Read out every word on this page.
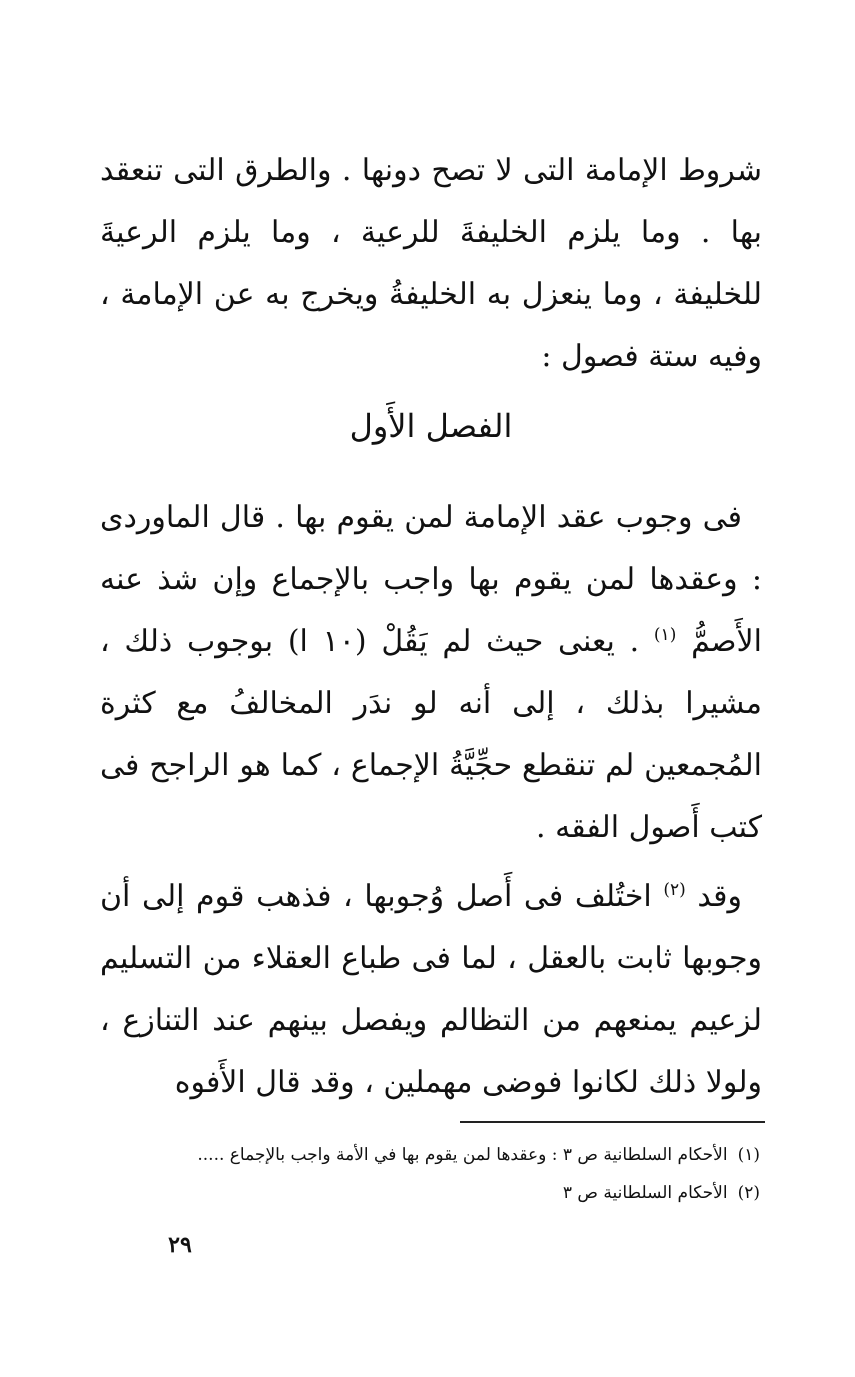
شروط الإمامة التى لا تصح دونها . والطرق التى تنعقد بها . وما يلزم الخليفةَ للرعية ، وما يلزم الرعيةَ للخليفة ، وما ينعزل به الخليفةُ ويخرج به عن الإمامة ، وفيه ستة فصول :

الفصل الأَول

فى وجوب عقد الإمامة لمن يقوم بها . قال الماوردى : وعقدها لمن يقوم بها واجب بالإجماع وإن شذ عنه الأَصمُّ $^{(١)}$ . يعنى حيث لم يَقُلْ (١٠ ا) بوجوب ذلك ، مشيرا بذلك ، إلى أنه لو ندَر المخالفُ مع كثرة المُجمعين لم تنقطع حجِّيَّةُ الإجماع ، كما هو الراجح فى كتب أَصول الفقه .

وقد $^{(٢)}$ اختُلف فى أَصل وُجوبها ، فذهب قوم إلى أن وجوبها ثابت بالعقل ، لما فى طباع العقلاء من التسليم لزعيم يمنعهم من التظالم ويفصل بينهم عند التنازع ، ولولا ذلك لكانوا فوضى مهملين ، وقد قال الأَفوه

(١)الأحكام السلطانية ص ٣ : وعقدها لمن يقوم بها في الأمة واجب بالإجماع .....
(٢)الأحكام السلطانية ص ٣
٢٩
